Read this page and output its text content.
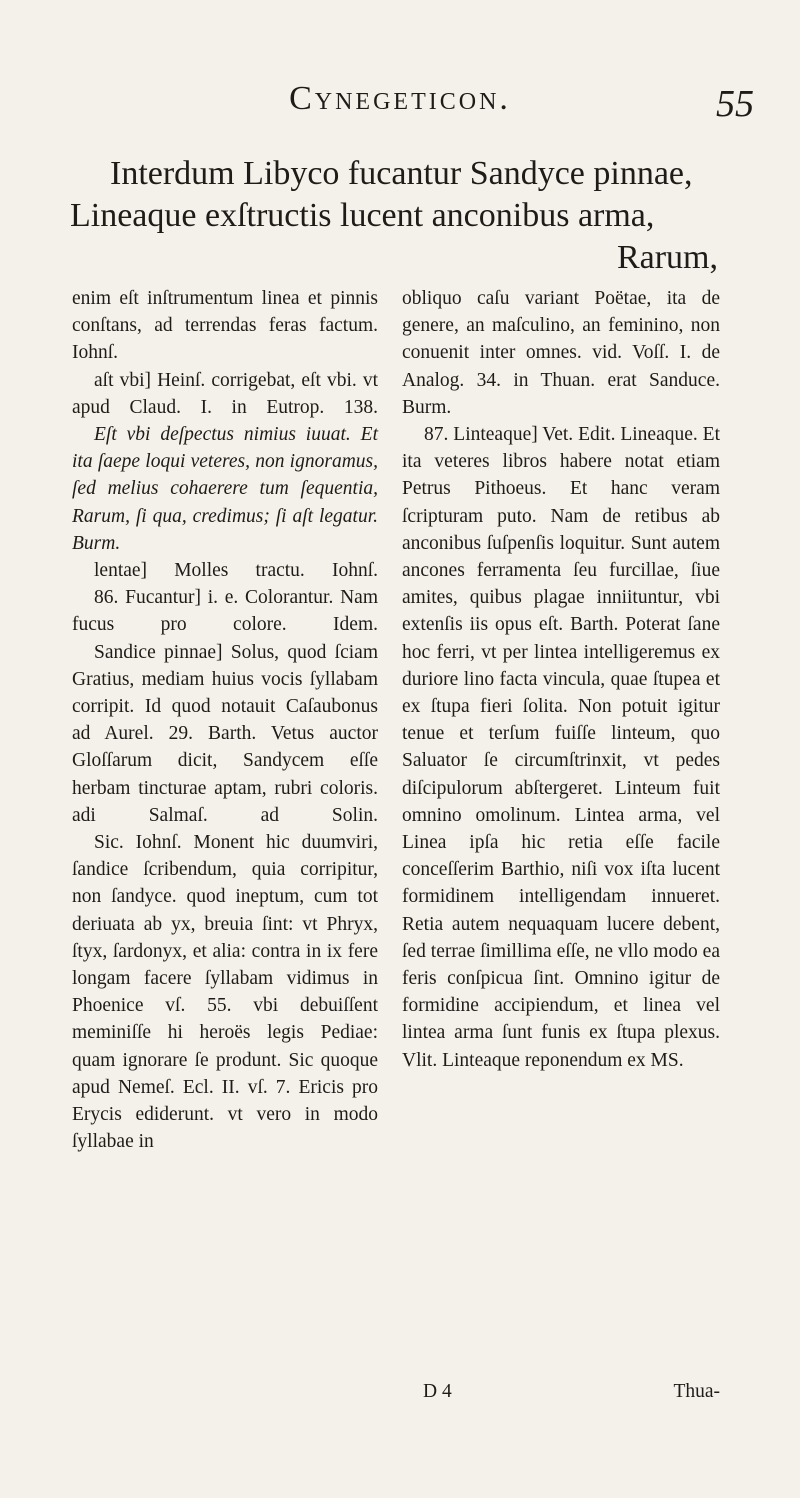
Cynegeticon.	55
Interdum Libyco fucantur Sandyce pinnae,
Lineaque exſtructis lucent anconibus arma,
Rarum,

enim eſt inſtrumentum linea et pinnis conſtans, ad terrendas feras factum. Iohnſ.

aſt vbi] Heinſ. corrigebat, eſt vbi. vt apud Claud. I. in Eutrop. 138.

Eſt vbi deſpectus nimius iuuat. Et ita ſaepe loqui veteres, non ignoramus, ſed melius cohaerere tum ſequentia, Rarum, ſi qua, credimus; ſi aſt legatur. Burm.

lentae] Molles tractu. Iohnſ.

86. Fucantur] i. e. Colorantur. Nam fucus pro colore. Idem.

Sandice pinnae] Solus, quod ſciam Gratius, mediam huius vocis ſyllabam corripit. Id quod notauit Caſaubonus ad Aurel. 29. Barth. Vetus auctor Gloſſarum dicit, Sandycem eſſe herbam tincturae aptam, rubri coloris. adi Salmaſ. ad Solin.

Sic. Iohnſ. Monent hic duumviri, ſandice ſcribendum, quia corripitur, non ſandyce. quod ineptum, cum tot deriuata ab yx, breuia ſint: vt Phryx, ſtyx, ſardonyx, et alia: contra in ix fere longam facere ſyllabam vidimus in Phoenice vſ. 55. vbi debuiſſent meminiſſe hi heroës legis Pediae: quam ignorare ſe produnt. Sic quoque apud Nemeſ. Ecl. II. vſ. 7. Ericis pro Erycis ediderunt. vt vero in modo ſyllabae in

obliquo caſu variant Poëtae, ita de genere, an maſculino, an feminino, non conuenit inter omnes. vid. Voſſ. I. de Analog. 34. in Thuan. erat Sanduce. Burm.

87. Linteaque] Vet. Edit. Lineaque. Et ita veteres libros habere notat etiam Petrus Pithoeus. Et hanc veram ſcripturam puto. Nam de retibus ab anconibus ſuſpenſis loquitur. Sunt autem ancones ferramenta ſeu furcillae, ſiue amites, quibus plagae inniituntur, vbi extenſis iis opus eſt. Barth. Poterat ſane hoc ferri, vt per lintea intelligeremus ex duriore lino facta vincula, quae ſtupea et ex ſtupa fieri ſolita. Non potuit igitur tenue et terſum fuiſſe linteum, quo Saluator ſe circumſtrinxit, vt pedes diſcipulorum abſtergeret. Linteum fuit omnino omolinum. Lintea arma, vel Linea ipſa hic retia eſſe facile conceſſerim Barthio, niſi vox iſta lucent formidinem intelligendam innueret. Retia autem nequaquam lucere debent, ſed terrae ſimillima eſſe, ne vllo modo ea feris conſpicua ſint. Omnino igitur de formidine accipiendum, et linea vel lintea arma ſunt funis ex ſtupa plexus. Vlit. Linteaque reponendum ex MS.

D 4	Thua-
